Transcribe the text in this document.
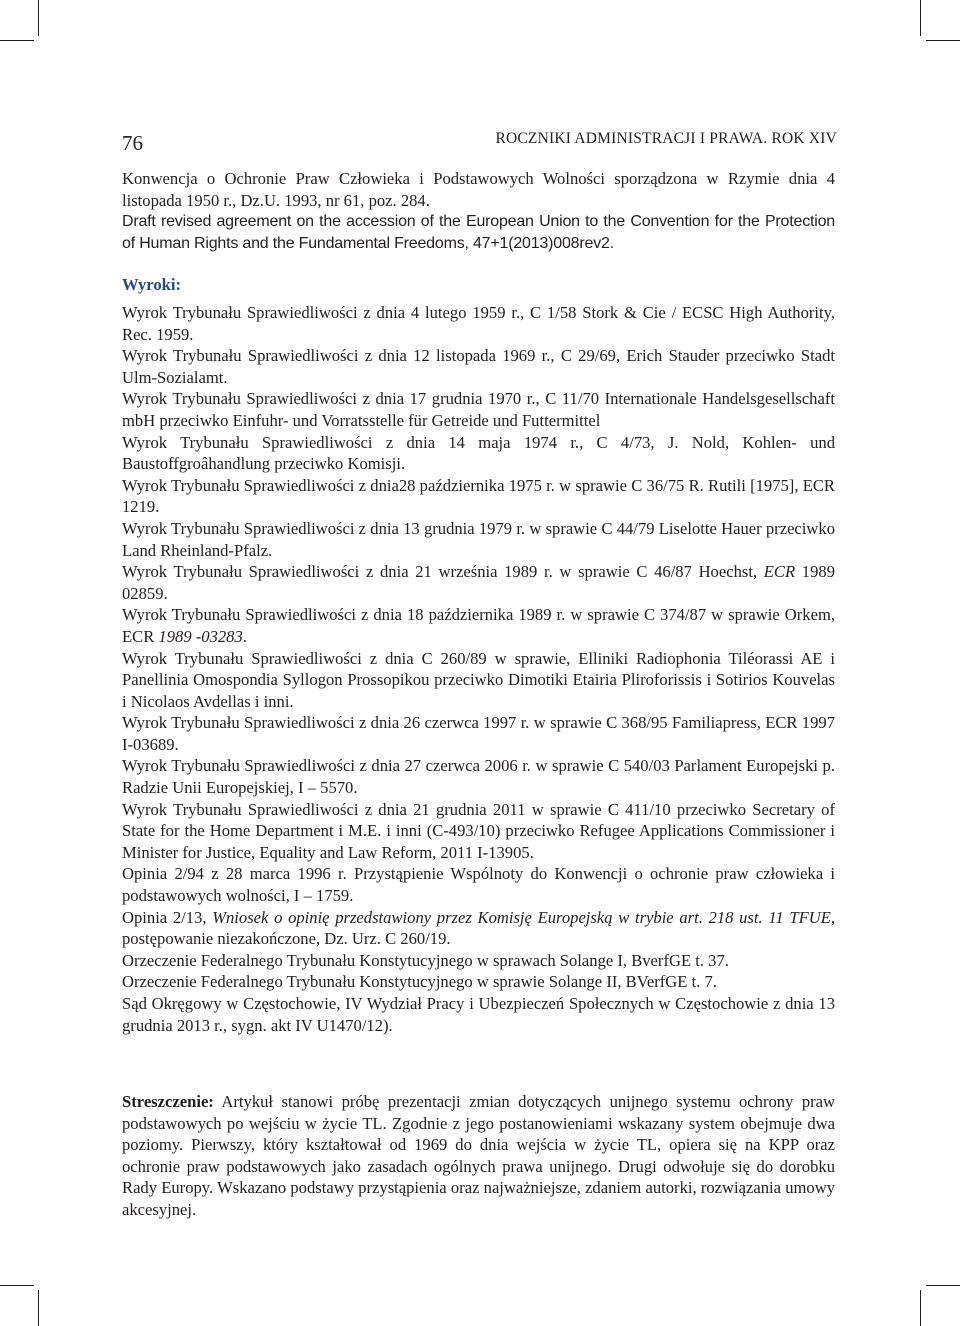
76	ROCZNIKI ADMINISTRACJI I PRAWA. ROK XIV

Konwencja o Ochronie Praw Człowieka i Podstawowych Wolności sporządzona w Rzymie dnia 4 listopada 1950 r., Dz.U. 1993, nr 61, poz. 284.

Draft revised agreement on the accession of the European Union to the Convention for the Protection of Human Rights and the Fundamental Freedoms, 47+1(2013)008rev2.

Wyroki:

Wyrok Trybunału Sprawiedliwości z dnia 4 lutego 1959 r., C 1/58 Stork & Cie / ECSC High Authority, Rec. 1959.

Wyrok Trybunału Sprawiedliwości z dnia 12 listopada 1969 r., C 29/69, Erich Stauder przeciwko Stadt Ulm-Sozialamt.

Wyrok Trybunału Sprawiedliwości z dnia 17 grudnia 1970 r., C 11/70 Internationale Handelsgesellschaft mbH przeciwko Einfuhr- und Vorratsstelle für Getreide und Futtermittel

Wyrok Trybunału Sprawiedliwości z dnia 14 maja 1974 r., C 4/73, J. Nold, Kohlen- und Baustoffgroâhandlung przeciwko Komisji.

Wyrok Trybunału Sprawiedliwości z dnia28 października 1975 r. w sprawie C 36/75 R. Rutili [1975], ECR 1219.

Wyrok Trybunału Sprawiedliwości z dnia 13 grudnia 1979 r. w sprawie C 44/79 Liselotte Hauer przeciwko Land Rheinland-Pfalz.

Wyrok Trybunału Sprawiedliwości z dnia 21 września 1989 r. w sprawie C 46/87 Hoechst, ECR 1989 02859.

Wyrok Trybunału Sprawiedliwości z dnia 18 października 1989 r. w sprawie C 374/87 w sprawie Orkem, ECR 1989 -03283.

Wyrok Trybunału Sprawiedliwości z dnia C 260/89 w sprawie, Elliniki Radiophonia Tiléorassi AE i Panellinia Omospondia Syllogon Prossopikou przeciwko Dimotiki Etairia Pliroforissis i Sotirios Kouvelas i Nicolaos Avdellas i inni.

Wyrok Trybunału Sprawiedliwości z dnia 26 czerwca 1997 r. w sprawie C 368/95 Familiapress, ECR 1997 I-03689.

Wyrok Trybunału Sprawiedliwości z dnia 27 czerwca 2006 r. w sprawie C 540/03 Parlament Europejski p. Radzie Unii Europejskiej, I – 5570.

Wyrok Trybunału Sprawiedliwości z dnia 21 grudnia 2011 w sprawie C 411/10 przeciwko Secretary of State for the Home Department i M.E. i inni (C-493/10) przeciwko Refugee Applications Commissioner i Minister for Justice, Equality and Law Reform, 2011 I-13905.

Opinia 2/94 z 28 marca 1996 r. Przystąpienie Wspólnoty do Konwencji o ochronie praw człowieka i podstawowych wolności, I – 1759.

Opinia 2/13, Wniosek o opinię przedstawiony przez Komisję Europejską w trybie art. 218 ust. 11 TFUE, postępowanie niezakończone, Dz. Urz. C 260/19.

Orzeczenie Federalnego Trybunału Konstytucyjnego w sprawach Solange I, BverfGE t. 37.

Orzeczenie Federalnego Trybunału Konstytucyjnego w sprawie Solange II, BVerfGE t. 7.

Sąd Okręgowy w Częstochowie, IV Wydział Pracy i Ubezpieczeń Społecznych w Częstochowie z dnia 13 grudnia 2013 r., sygn. akt IV U1470/12).

Streszczenie: Artykuł stanowi próbę prezentacji zmian dotyczących unijnego systemu ochrony praw podstawowych po wejściu w życie TL. Zgodnie z jego postanowieniami wskazany system obejmuje dwa poziomy. Pierwszy, który kształtował od 1969 do dnia wejścia w życie TL, opiera się na KPP oraz ochronie praw podstawowych jako zasadach ogólnych prawa unijnego. Drugi odwołuje się do dorobku Rady Europy. Wskazano podstawy przystąpienia oraz najważniejsze, zdaniem autorki, rozwiązania umowy akcesyjnej.
